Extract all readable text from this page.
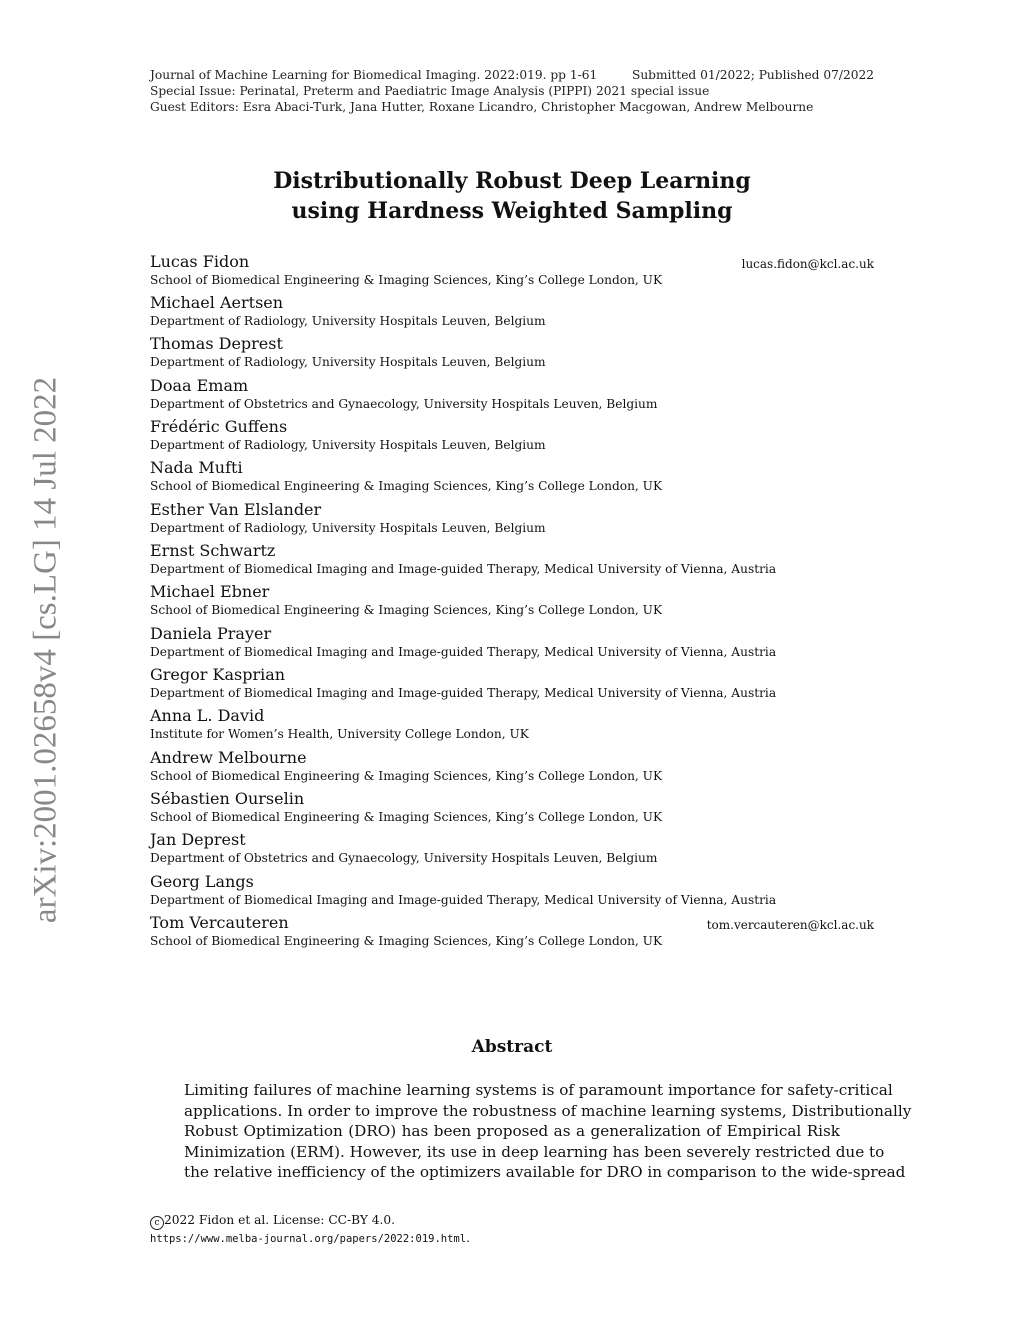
arXiv:2001.02658v4 [cs.LG] 14 Jul 2022
Journal of Machine Learning for Biomedical Imaging. 2022:019. pp 1-61	Submitted 01/2022; Published 07/2022
Special Issue: Perinatal, Preterm and Paediatric Image Analysis (PIPPI) 2021 special issue
Guest Editors: Esra Abaci-Turk, Jana Hutter, Roxane Licandro, Christopher Macgowan, Andrew Melbourne
Distributionally Robust Deep Learning
using Hardness Weighted Sampling
Lucas Fidon	lucas.fidon@kcl.ac.uk
School of Biomedical Engineering & Imaging Sciences, King’s College London, UK
Michael Aertsen
Department of Radiology, University Hospitals Leuven, Belgium
Thomas Deprest
Department of Radiology, University Hospitals Leuven, Belgium
Doaa Emam
Department of Obstetrics and Gynaecology, University Hospitals Leuven, Belgium
Frédéric Guffens
Department of Radiology, University Hospitals Leuven, Belgium
Nada Mufti
School of Biomedical Engineering & Imaging Sciences, King’s College London, UK
Esther Van Elslander
Department of Radiology, University Hospitals Leuven, Belgium
Ernst Schwartz
Department of Biomedical Imaging and Image-guided Therapy, Medical University of Vienna, Austria
Michael Ebner
School of Biomedical Engineering & Imaging Sciences, King’s College London, UK
Daniela Prayer
Department of Biomedical Imaging and Image-guided Therapy, Medical University of Vienna, Austria
Gregor Kasprian
Department of Biomedical Imaging and Image-guided Therapy, Medical University of Vienna, Austria
Anna L. David
Institute for Women’s Health, University College London, UK
Andrew Melbourne
School of Biomedical Engineering & Imaging Sciences, King’s College London, UK
Sébastien Ourselin
School of Biomedical Engineering & Imaging Sciences, King’s College London, UK
Jan Deprest
Department of Obstetrics and Gynaecology, University Hospitals Leuven, Belgium
Georg Langs
Department of Biomedical Imaging and Image-guided Therapy, Medical University of Vienna, Austria
Tom Vercauteren	tom.vercauteren@kcl.ac.uk
School of Biomedical Engineering & Imaging Sciences, King’s College London, UK
Abstract
Limiting failures of machine learning systems is of paramount importance for safety-critical
applications. In order to improve the robustness of machine learning systems, Distributionally
Robust Optimization (DRO) has been proposed as a generalization of Empirical Risk
Minimization (ERM). However, its use in deep learning has been severely restricted due to
the relative inefficiency of the optimizers available for DRO in comparison to the wide-spread
c 2022 Fidon et al. License: CC-BY 4.0.
https://www.melba-journal.org/papers/2022:019.html.
